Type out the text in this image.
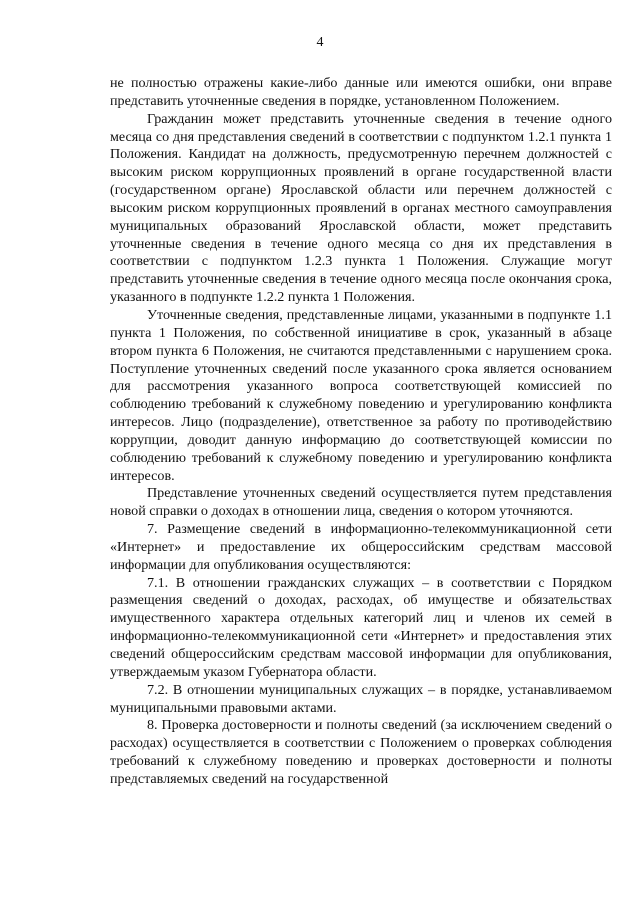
4

не полностью отражены какие-либо данные или имеются ошибки, они вправе представить уточненные сведения в порядке, установленном Положением.

Гражданин может представить уточненные сведения в течение одного месяца со дня представления сведений в соответствии с подпунктом 1.2.1 пункта 1 Положения. Кандидат на должность, предусмотренную перечнем должностей с высоким риском коррупционных проявлений в органе государственной власти (государственном органе) Ярославской области или перечнем должностей с высоким риском коррупционных проявлений в органах местного самоуправления муниципальных образований Ярославской области, может представить уточненные сведения в течение одного месяца со дня их представления в соответствии с подпунктом 1.2.3 пункта 1 Положения. Служащие могут представить уточненные сведения в течение одного месяца после окончания срока, указанного в подпункте 1.2.2 пункта 1 Положения.

Уточненные сведения, представленные лицами, указанными в подпункте 1.1 пункта 1 Положения, по собственной инициативе в срок, указанный в абзаце втором пункта 6 Положения, не считаются представленными с нарушением срока. Поступление уточненных сведений после указанного срока является основанием для рассмотрения указанного вопроса соответствующей комиссией по соблюдению требований к служебному поведению и урегулированию конфликта интересов. Лицо (подразделение), ответственное за работу по противодействию коррупции, доводит данную информацию до соответствующей комиссии по соблюдению требований к служебному поведению и урегулированию конфликта интересов.

Представление уточненных сведений осуществляется путем представления новой справки о доходах в отношении лица, сведения о котором уточняются.

7. Размещение сведений в информационно-телекоммуникационной сети «Интернет» и предоставление их общероссийским средствам массовой информации для опубликования осуществляются:

7.1. В отношении гражданских служащих – в соответствии с Порядком размещения сведений о доходах, расходах, об имуществе и обязательствах имущественного характера отдельных категорий лиц и членов их семей в информационно-телекоммуникационной сети «Интернет» и предоставления этих сведений общероссийским средствам массовой информации для опубликования, утверждаемым указом Губернатора области.

7.2. В отношении муниципальных служащих – в порядке, устанавливаемом муниципальными правовыми актами.

8. Проверка достоверности и полноты сведений (за исключением сведений о расходах) осуществляется в соответствии с Положением о проверках соблюдения требований к служебному поведению и проверках достоверности и полноты представляемых сведений на государственной
